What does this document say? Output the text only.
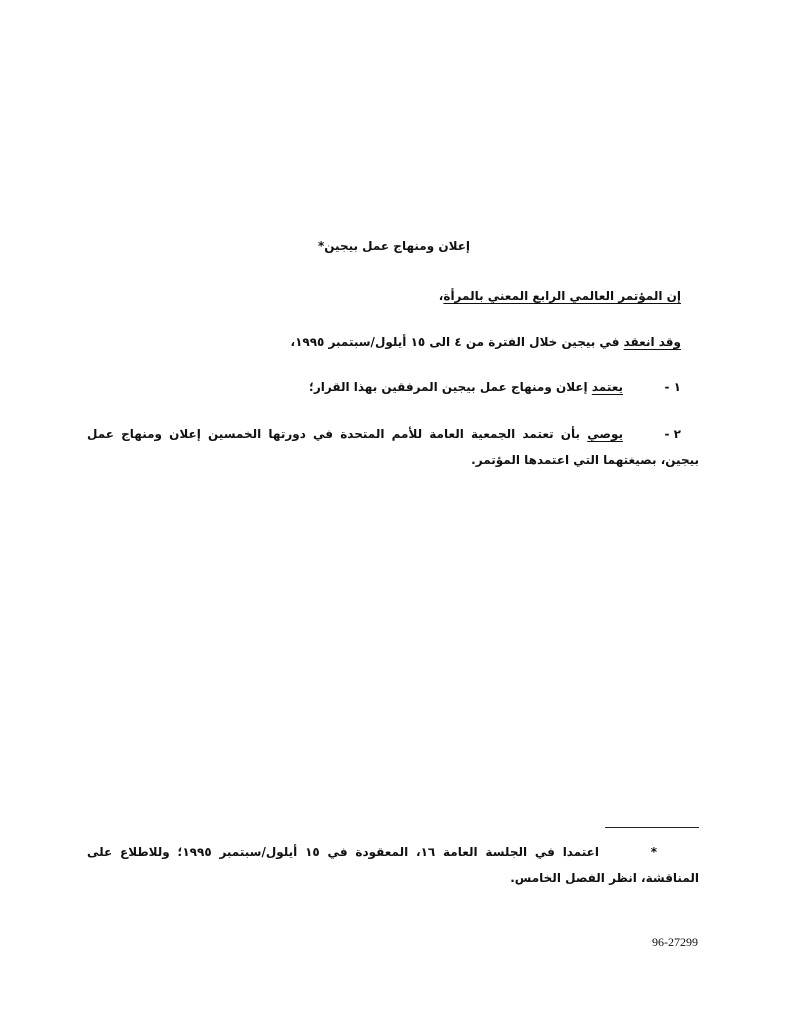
إعلان ومنهاج عمل بيجين*
إن المؤتمر العالمي الرابع المعني بالمرأة،
وقد انعقد في بيجين خلال الفترة من ٤ الى ١٥ أيلول/سبتمبر ١٩٩٥،
١ -يعتمد إعلان ومنهاج عمل بيجين المرفقين بهذا القرار؛
٢ -يوصي بأن تعتمد الجمعية العامة للأمم المتحدة في دورتها الخمسين إعلان ومنهاج عمل بيجين، بصيغتهما التي اعتمدها المؤتمر.
*اعتمدا في الجلسة العامة ١٦، المعقودة في ١٥ أيلول/سبتمبر ١٩٩٥؛ وللاطلاع على المناقشة، انظر الفصل الخامس.
96-27299
